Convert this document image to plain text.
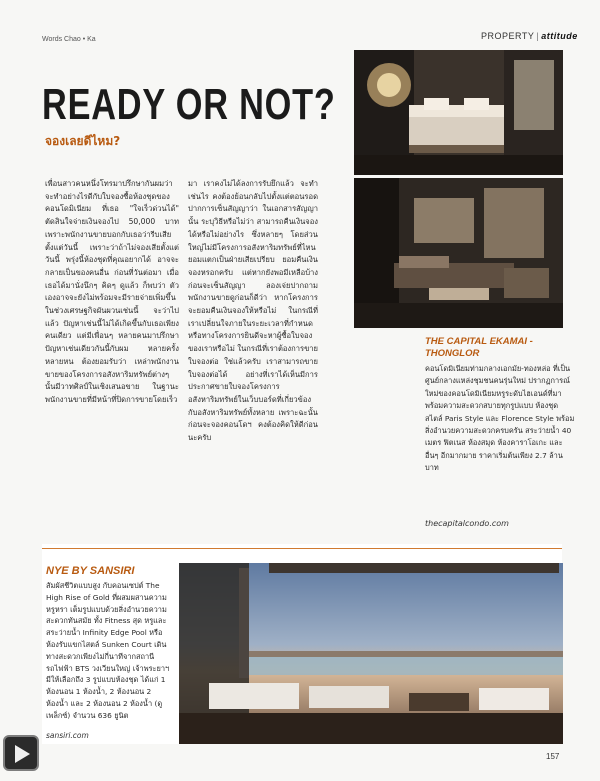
Words Chao • Ka	PROPERTY | attitude
READY OR NOT?
จองเลยดีไหม?
เพื่อนสาวคนหนึ่งโทรมาปรึกษากันผมว่า จะทำอย่างไรดีกับใบจองซื้อห้องชุดของคอนโดมิเนียม ที่เธอ "ใจเร็วด่วนได้" ตัดสินใจจ่ายเงินจองไป 50,000 บาท เพราะพนักงานขายบอกกับเธอว่ารีบเสียตั้งแต่วันนี้ เพราะว่าถ้าไม่จองเสียตั้งแต่วันนี้ พรุ่งนี้ห้องชุดที่คุณอยากได้ อาจจะกลายเป็นของคนอื่น ก่อนที่วันต่อมา เมื่อเธอได้มานั่งนึกๆ คิดๆ ดูแล้ว ก็พบว่า ตัวเองอาจจะยังไม่พร้อมจะมีรายจ่ายเพิ่มขึ้น ในช่วงเศรษฐกิจผันผวนเช่นนี้ จะว่าไปแล้ว ปัญหาเช่นนี้ไม่ได้เกิดขึ้นกับเธอเพียงคนเดียว แต่มีเพื่อนๆ หลายคนมาปรึกษาปัญหาเช่นเดียวกันนี้กับผม หลายครั้งหลายหน ต้องยอมรับว่า เหล่าพนักงานขายของโครงการอสังหาริมทรัพย์ต่างๆ นั้นมีวาทศิลป์ในเชิงเสนอขาย ในฐานะพนักงานขายที่มีหน้าที่ปิดการขายโดยเร็ว
มา เราคงไม่ได้ลงการรับยึกแล้ว จะทำเช่นไร คงต้องย้อนกลับไปตั้งแต่ตอนรอดปากการเซ็นสัญญาว่า ในเอกสารสัญญานั้น ระบุวิธีหรือไม่ว่า สามารถคืนเงินจองได้หรือไม่อย่างไร ซึ่งหลายๆ โดยส่วนใหญ่ไม่มีโครงการอสังหาริมทรัพย์ที่ไหนยอมแตกเป็นฝ่ายเสียเปรียบ ยอมคืนเงินจองหรอกครับ แต่หากยังพอมีเหลือบ้าง ก่อนจะเซ็นสัญญา ลองเจ่ยปากถามพนักงานขายดูก่อนก็ดีว่า หากโครงการจะยอมคืนเงินจองให้หรือไม่ ในกรณีที่เราเปลี่ยนใจภายในระยะเวลาที่กำหนด หรือทางโครงการยินดีจะหาผู้ซื้อใบจองของเราหรือไม่ ในกรณีที่เราต้องการขายใบจองต่อ ใช่แล้วครับ เราสามารถขายใบจองต่อได้ อย่างที่เราได้เห็นมีการประกาศขายใบจองโครงการอสังหาริมทรัพย์ในเว็บบอร์ดที่เกี่ยวข้องกับอสังหาริมทรัพย์ทั้งหลาย เพราะฉะนั้น ก่อนจะจองคอนโดฯ คงต้องคิดให้ดีก่อนนะครับ
THE CAPITAL EKAMAI - THONGLOR
คอนโดมิเนียมท่ามกลางเอกมัย-ทองหล่อ ที่เป็นศูนย์กลางแหล่งชุมชนคนรุ่นใหม่ ปรากฏการณ์ใหม่ของคอนโดมิเนียมหรูระดับไฮเอนด์ที่มาพร้อมความสะดวกสบายทุกรูปแบบ ห้องชุดสไตล์ Paris Style และ Florence Style พร้อมสิ่งอำนวยความสะดวกครบครัน สระว่ายน้ำ 40 เมตร ฟิตเนส ห้องสมุด ห้องคาราโอเกะ และอื่นๆ อีกมากมาย ราคาเริ่มต้นเพียง 2.7 ล้านบาท
thecapitalcondo.com
NYE BY SANSIRI
สัมผัสชีวิตแบบสูง กับคอนเซปต์ The High Rise of Gold ที่ผสมผสานความหรูหรา เต็มรูปแบบด้วยสิ่งอำนวยความสะดวกทันสมัย ทั้ง Fitness สุด หรูและสระว่ายน้ำ Infinity Edge Pool หรือห้องรับแขกไสตล์ Sunken Court เดินทางสะดวกเพียงไม่กี่นาทีจากสถานีรถไฟฟ้า BTS วงเวียนใหญ่ เจ้าพระยาฯ มีให้เลือกถึง 3 รูปแบบห้องชุด ได้แก่ 1 ห้องนอน 1 ห้องน้ำ, 2 ห้องนอน 2 ห้องน้ำ และ 2 ห้องนอน 2 ห้องน้ำ (ดูเพล็กซ์) จำนวน 636 ยูนิต
sansiri.com
157
